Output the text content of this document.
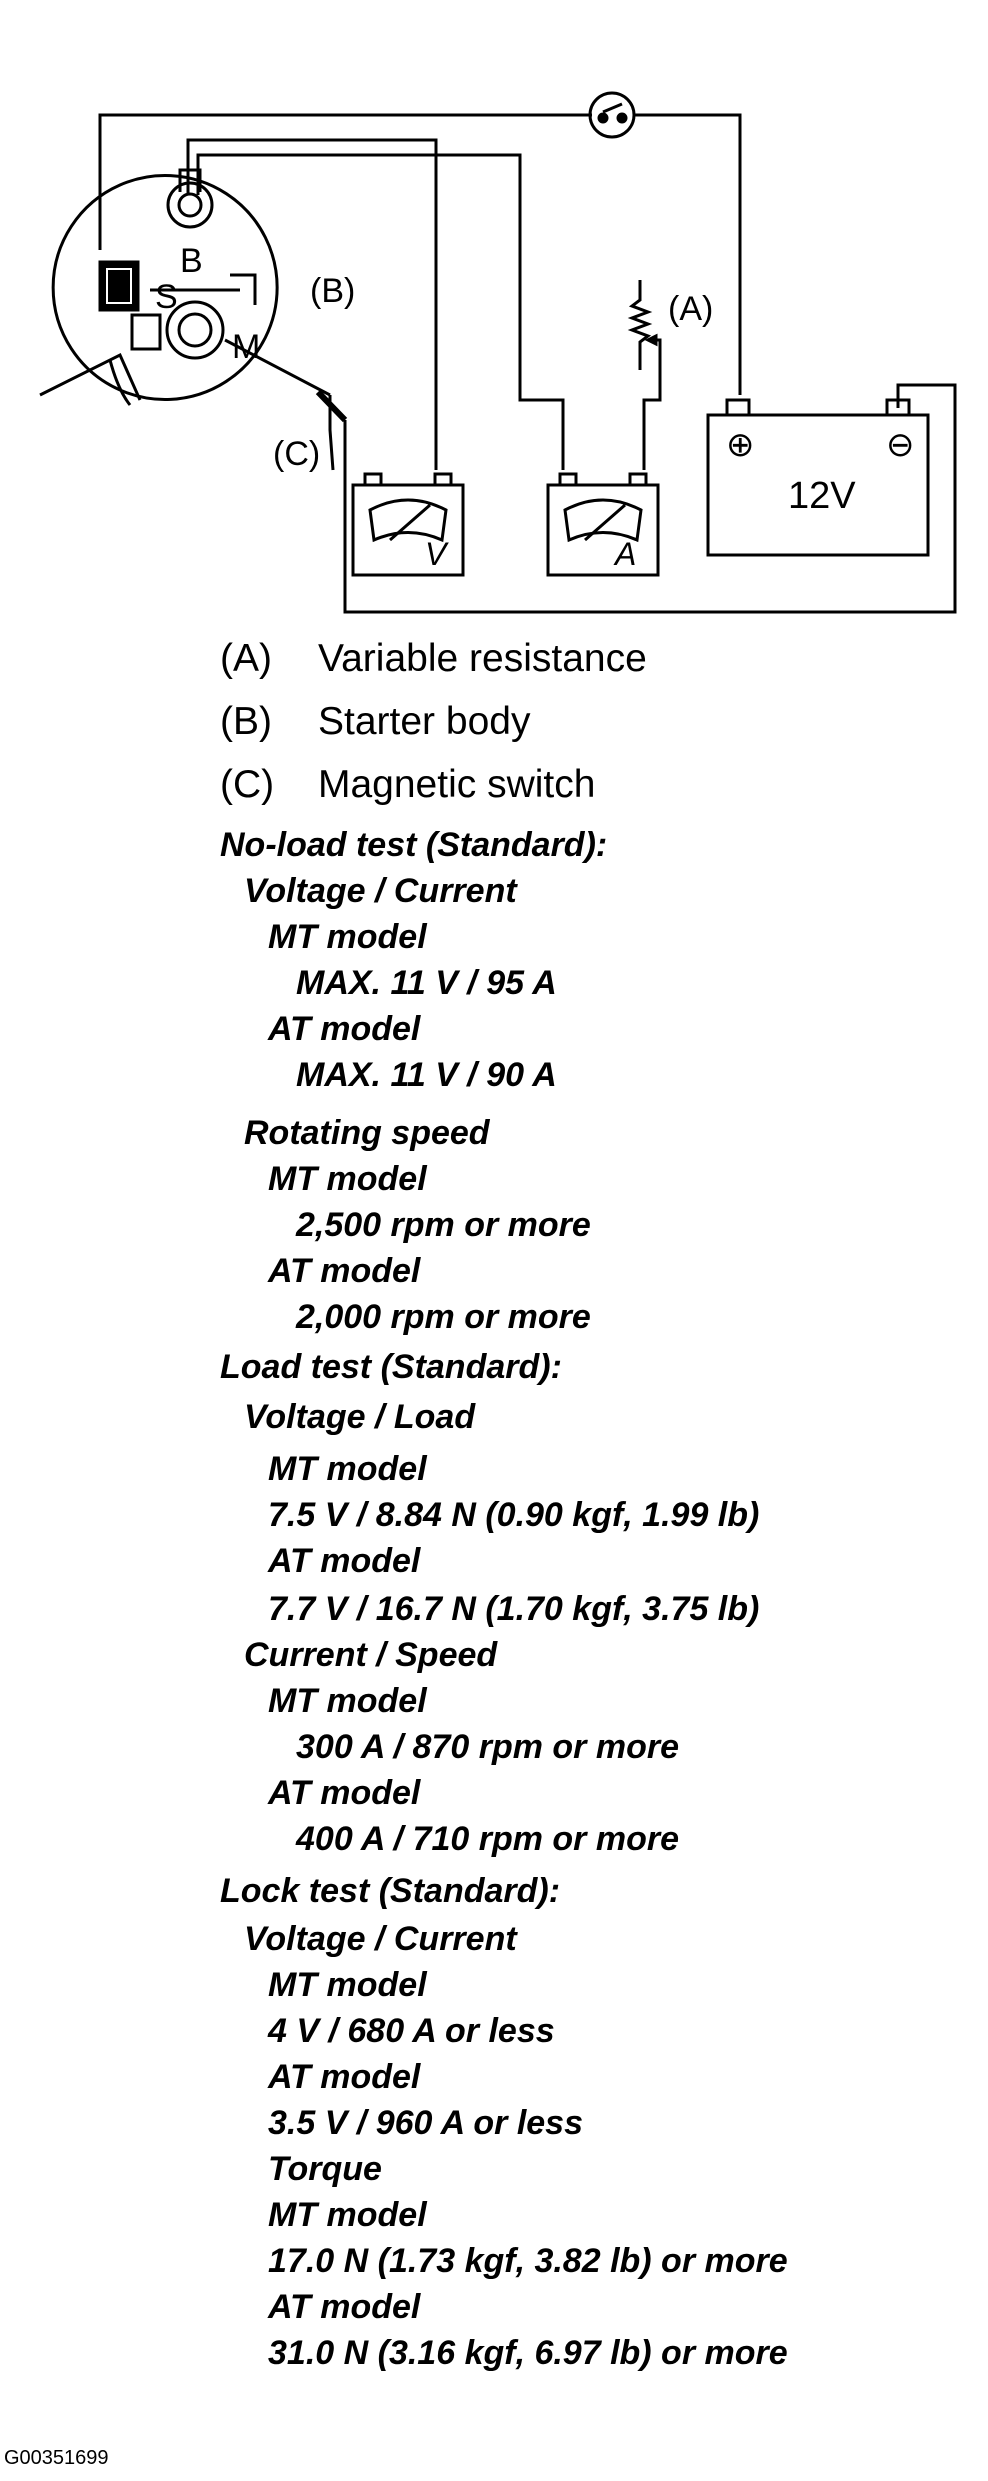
B
S
M
(B)	(A)
(C)
12V
⊕	⊖
V	A
(A) Variable resistance
(B) Starter body
(C) Magnetic switch
No-load test (Standard):
Voltage / Current
MT model
MAX. 11 V / 95 A
AT model
MAX. 11 V / 90 A
Rotating speed
MT model
2,500 rpm or more
AT model
2,000 rpm or more
Load test (Standard):
Voltage / Load
MT model
7.5 V / 8.84 N (0.90 kgf, 1.99 lb)
AT model
7.7 V / 16.7 N (1.70 kgf, 3.75 lb)
Current / Speed
MT model
300 A / 870 rpm or more
AT model
400 A / 710 rpm or more
Lock test (Standard):
Voltage / Current
MT model
4 V / 680 A or less
AT model
3.5 V / 960 A or less
Torque
MT model
17.0 N (1.73 kgf, 3.82 lb) or more
AT model
31.0 N (3.16 kgf, 6.97 lb) or more
G00351699
